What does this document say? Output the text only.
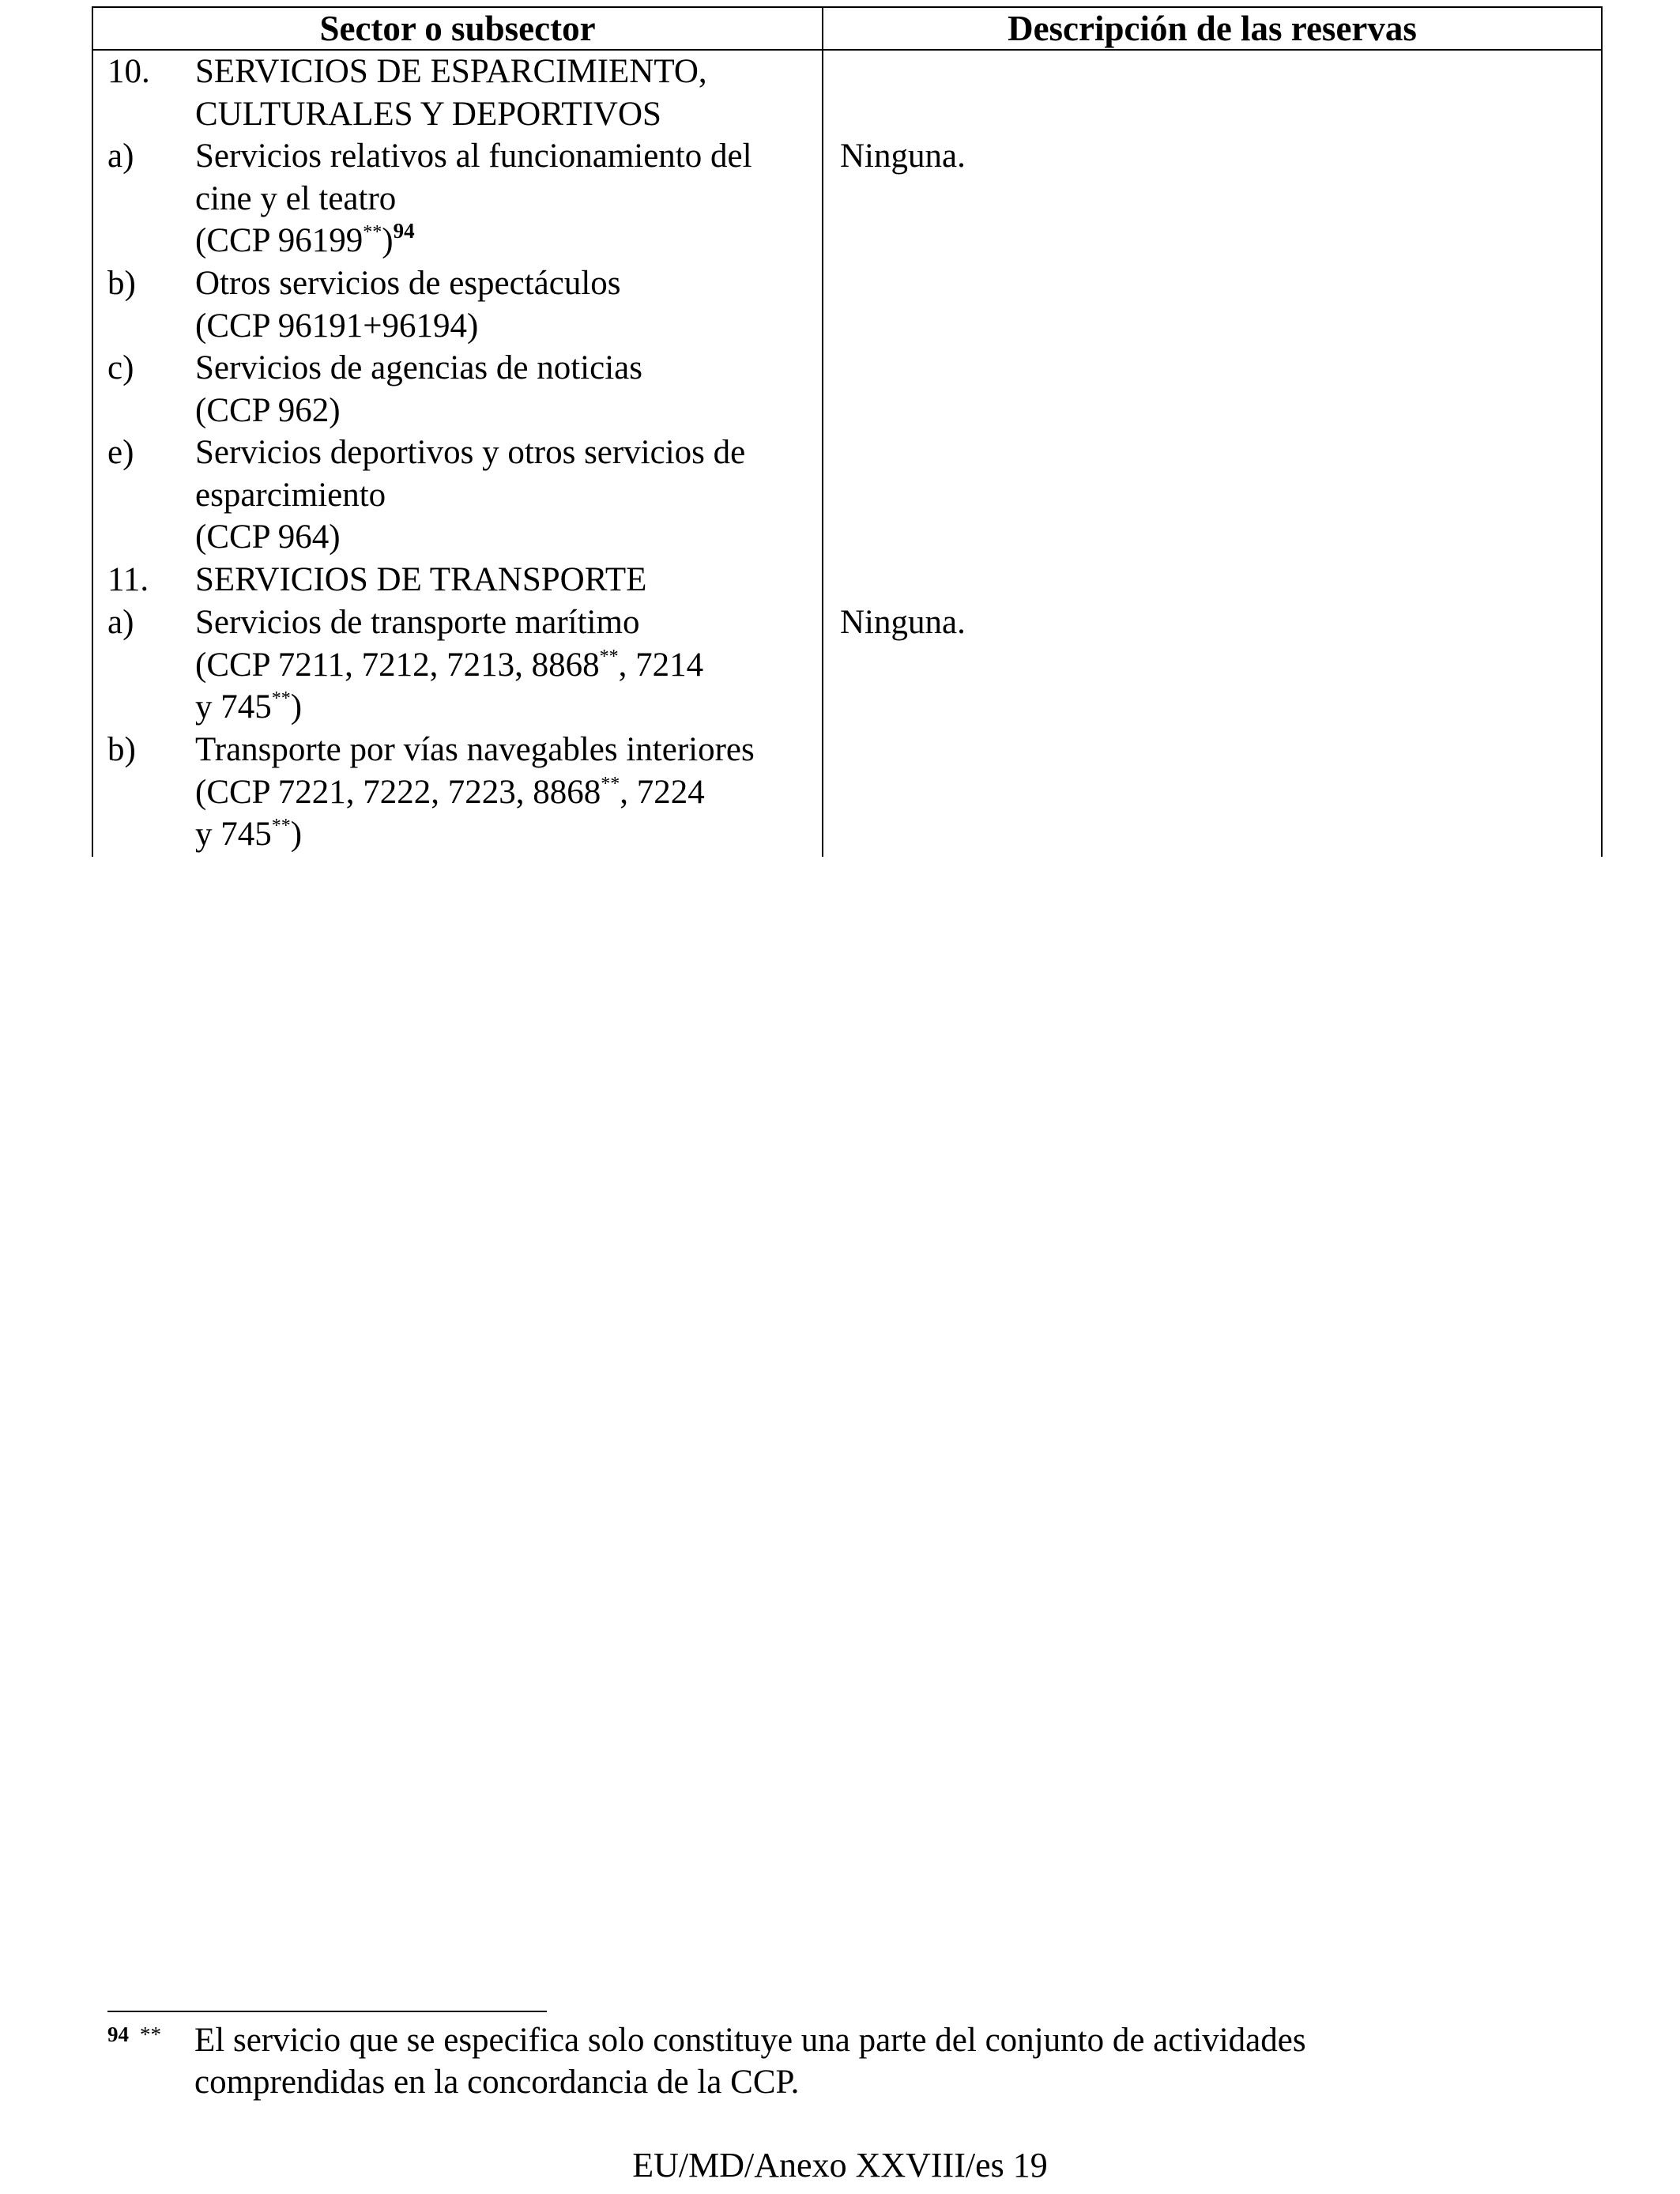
Sector o subsector	Descripción de las reservas
10. SERVICIOS DE ESPARCIMIENTO,
CULTURALES Y DEPORTIVOS
a) Servicios relativos al funcionamiento del
cine y el teatro
(CCP 96199**)$^{94}$
Ninguna.
b) Otros servicios de espectáculos
(CCP 96191+96194)
c) Servicios de agencias de noticias
(CCP 962)
e) Servicios deportivos y otros servicios de
esparcimiento
(CCP 964)
11. SERVICIOS DE TRANSPORTE
a) Servicios de transporte marítimo
(CCP 7211, 7212, 7213, 8868**, 7214
y 745**)
Ninguna.
b) Transporte por vías navegables interiores
(CCP 7221, 7222, 7223, 8868**, 7224
y 745**)
94 ** El servicio que se especifica solo constituye una parte del conjunto de actividades
comprendidas en la concordancia de la CCP.
EU/MD/Anexo XXVIII/es 19
